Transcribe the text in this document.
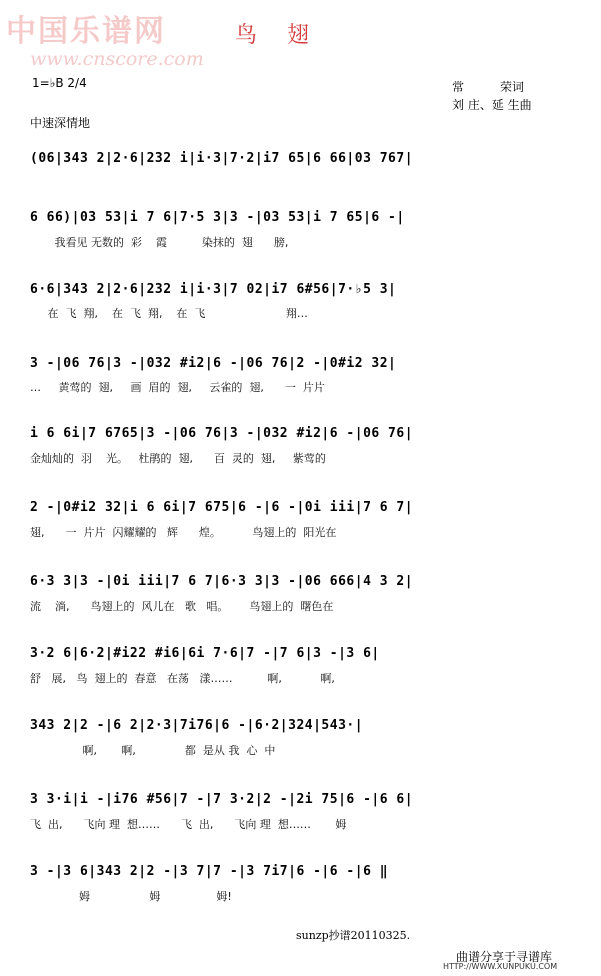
中国乐谱网
www.cnscore.com
鸟翅
1=♭B 2/4	常　　　荣词
刘 庄、延 生曲
中速深情地
(06|343 2|2·6|232 i|i·3|7·2|i7 65|6 66|03 767|
6 66)|03 53|i 7 6|7·5 3|3 -|03 53|i 7 65|6 -|
我看见 无数的  彩    霞          染抹的  翅      膀,
6·6|343 2|2·6|232 i|i·3|7 02|i7 6#56|7·♭5 3|
在  飞  翔,    在  飞  翔,    在  飞                       翔…
3 -|06 76|3 -|032 #i2|6 -|06 76|2 -|0#i2 32|
…     黄莺的  翅,     画  眉的  翅,     云雀的  翅,      一  片片
i 6 6i|7 6765|3 -|06 76|3 -|032 #i2|6 -|06 76|
金灿灿的  羽    光。   杜鹃的  翅,      百  灵的  翅,     紫莺的
2 -|0#i2 32|i 6 6i|7 675|6 -|6 -|0i iii|7 6 7|
翅,      一  片片  闪耀耀的   辉      煌。         鸟翅上的  阳光在
6·3 3|3 -|0i iii|7 6 7|6·3 3|3 -|06 666|4 3 2|
流    淌,      鸟翅上的  风儿在   歌   唱。      鸟翅上的  曙色在
3·2 6|6·2|#i22 #i6|6i 7·6|7 -|7 6|3 -|3 6|
舒   展,   鸟  翅上的  春意   在荡   漾……          啊,           啊,
343 2|2 -|6 2|2·3|7i76|6 -|6·2|324|543·|
啊,       啊,              都  是从 我  心  中
3 3·i|i -|i76 #56|7 -|7 3·2|2 -|2i 75|6 -|6 6|
飞  出,      飞向 理  想……      飞  出,      飞向 理  想……       姆
3 -|3 6|343 2|2 -|3 7|7 -|3 7i7|6 -|6 -|6 ‖
姆                 姆                姆!
sunzp抄谱20110325.
曲谱分享于寻谱库
HTTP://WWW.XUNPUKU.COM
